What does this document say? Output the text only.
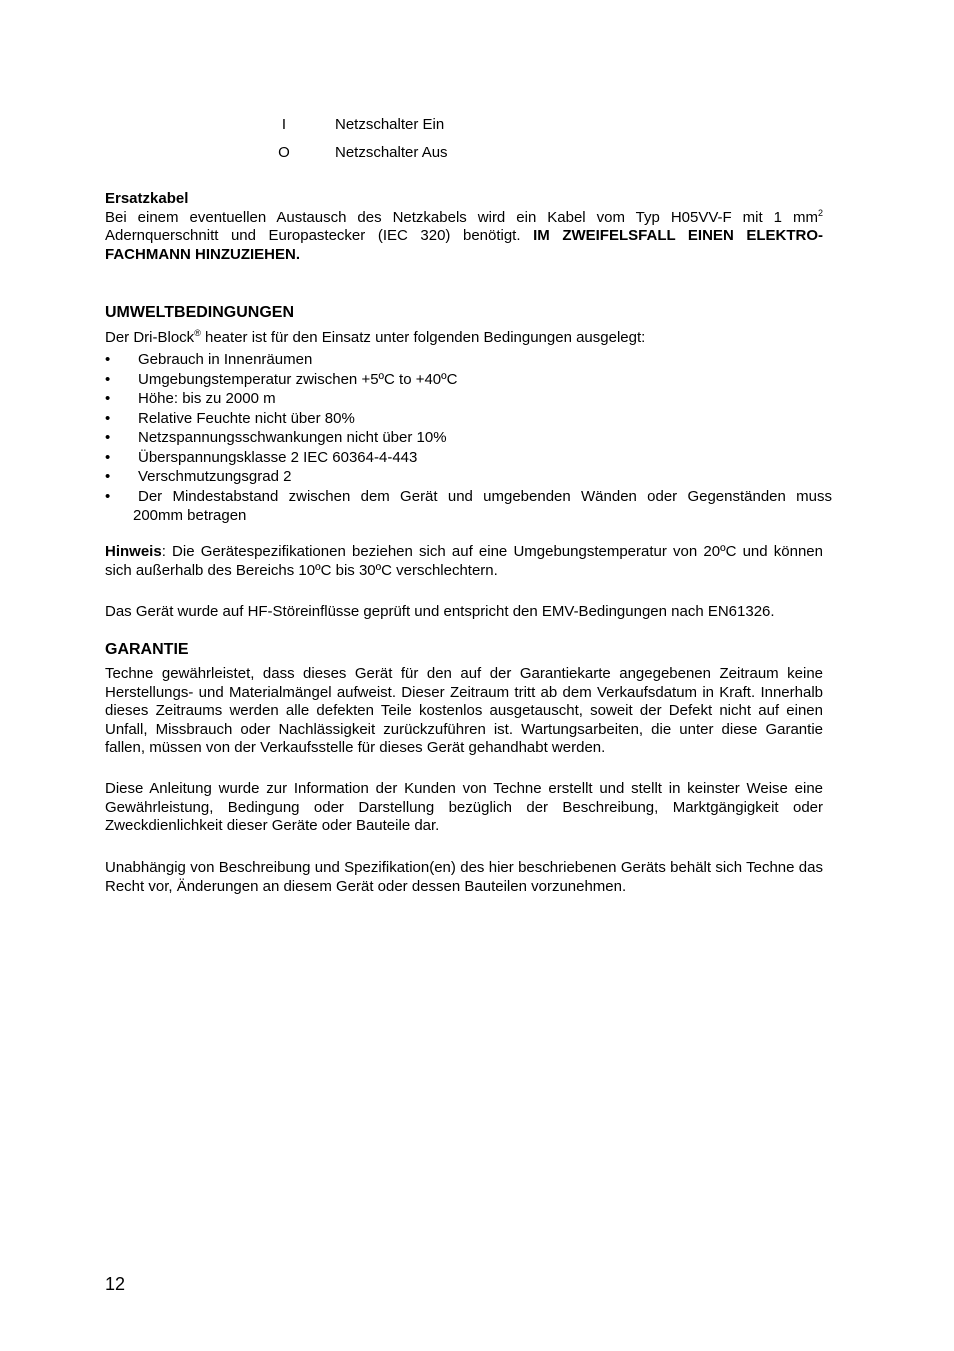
I	Netzschalter Ein
O	Netzschalter Aus
Ersatzkabel
Bei einem eventuellen Austausch des Netzkabels wird ein Kabel vom Typ H05VV-F mit 1 $mm^2$ Adernquerschnitt und Europastecker (IEC 320) benötigt. IM ZWEIFELSFALL EINEN ELEKTRO-FACHMANN HINZUZIEHEN.
UMWELTBEDINGUNGEN
Der Dri-Block® heater ist für den Einsatz unter folgenden Bedingungen ausgelegt:
• Gebrauch in Innenräumen
• Umgebungstemperatur zwischen +5ºC to +40ºC
• Höhe: bis zu 2000 m
• Relative Feuchte nicht über 80%
• Netzspannungsschwankungen nicht über 10%
• Überspannungsklasse 2 IEC 60364-4-443
• Verschmutzungsgrad 2
•	Der Mindestabstand zwischen dem Gerät und umgebenden Wänden oder Gegenständen muss
200mm betragen
Hinweis: Die Gerätespezifikationen beziehen sich auf eine Umgebungstemperatur von 20ºC und können sich außerhalb des Bereichs 10ºC bis 30ºC verschlechtern.
Das Gerät wurde auf HF-Störeinflüsse geprüft und entspricht den EMV-Bedingungen nach EN61326.
GARANTIE
Techne gewährleistet, dass dieses Gerät für den auf der Garantiekarte angegebenen Zeitraum keine Herstellungs- und Materialmängel aufweist. Dieser Zeitraum tritt ab dem Verkaufsdatum in Kraft. Innerhalb dieses Zeitraums werden alle defekten Teile kostenlos ausgetauscht, soweit der Defekt nicht auf einen Unfall, Missbrauch oder Nachlässigkeit zurückzuführen ist. Wartungsarbeiten, die unter diese Garantie fallen, müssen von der Verkaufsstelle für dieses Gerät gehandhabt werden.
Diese Anleitung wurde zur Information der Kunden von Techne erstellt und stellt in keinster Weise eine Gewährleistung, Bedingung oder Darstellung bezüglich der Beschreibung, Marktgängigkeit oder Zweckdienlichkeit dieser Geräte oder Bauteile dar.
Unabhängig von Beschreibung und Spezifikation(en) des hier beschriebenen Geräts behält sich Techne das Recht vor, Änderungen an diesem Gerät oder dessen Bauteilen vorzunehmen.
12
